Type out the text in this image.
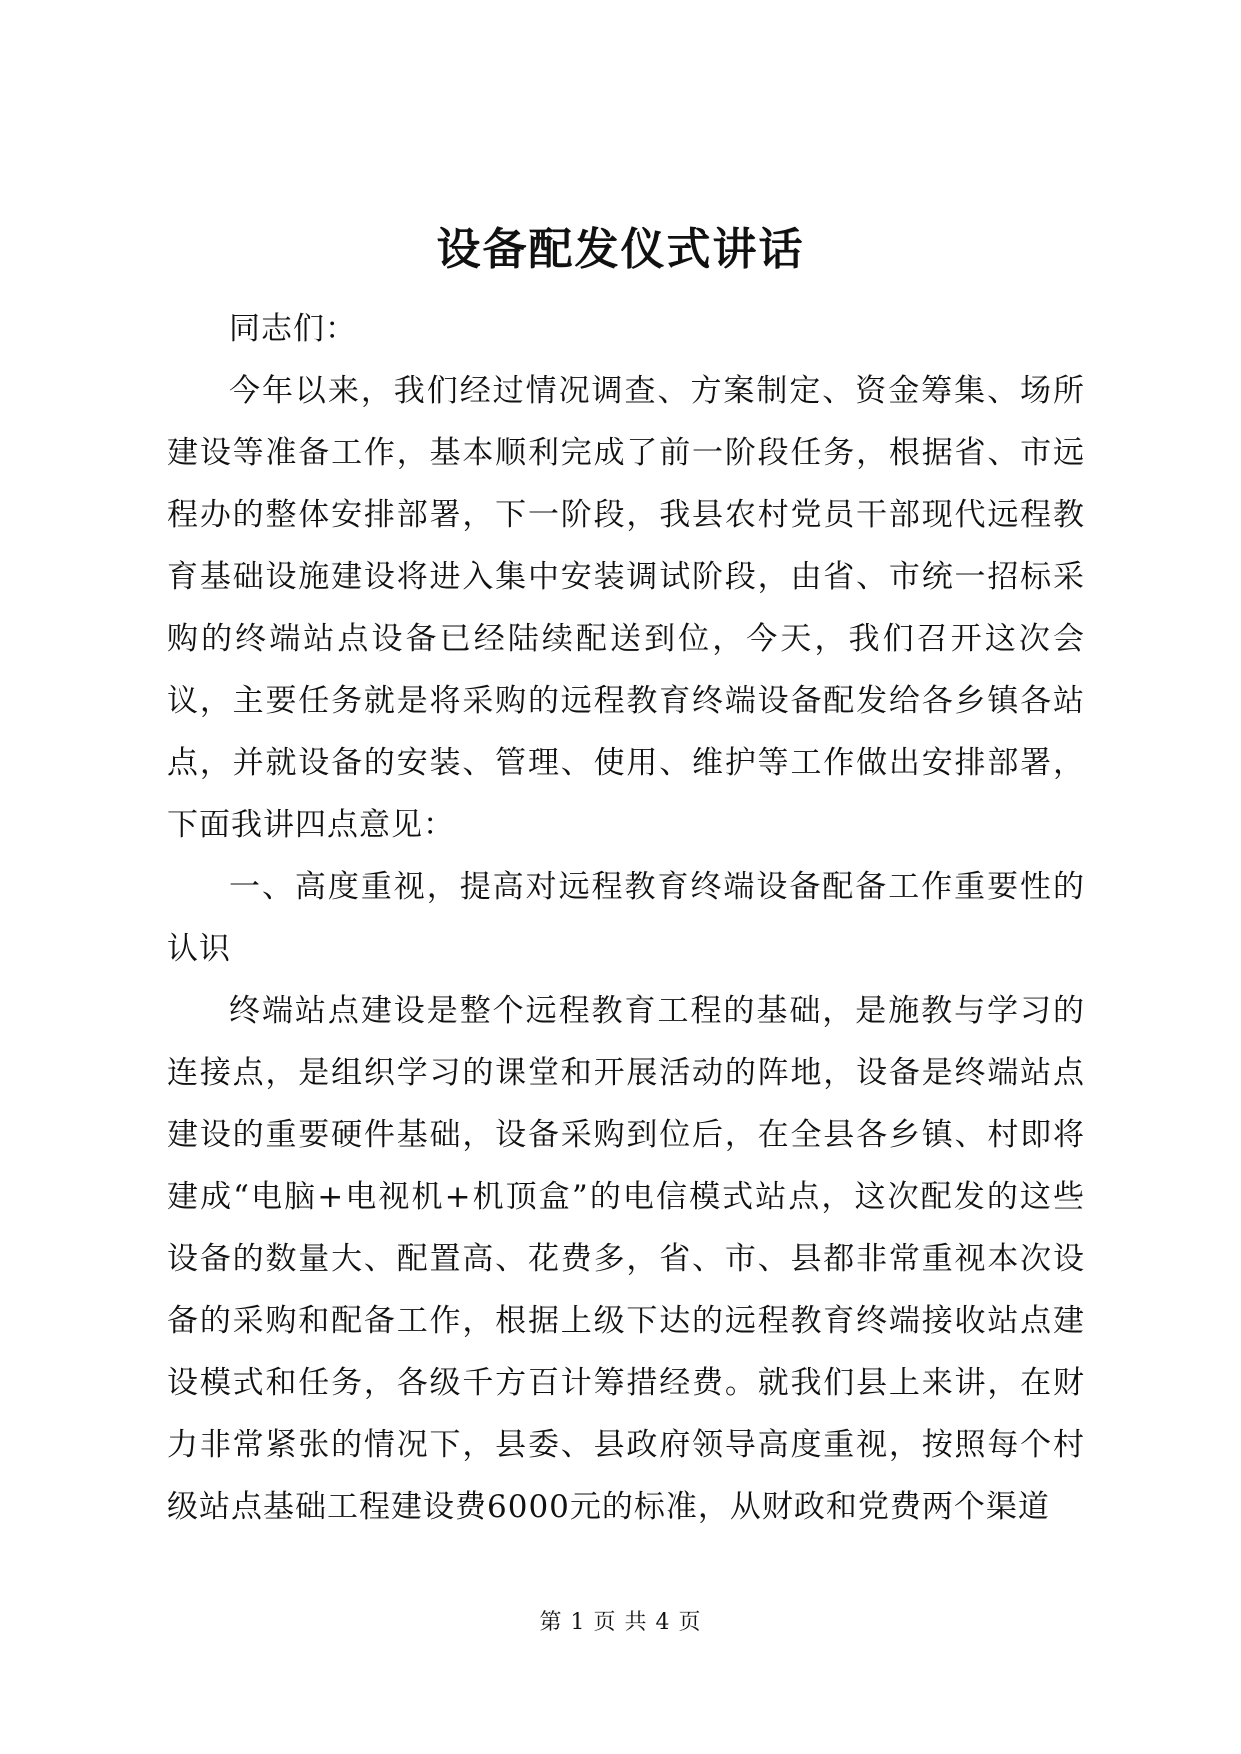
设备配发仪式讲话

同志们：

今年以来，我们经过情况调查、方案制定、资金筹集、场所建设等准备工作，基本顺利完成了前一阶段任务，根据省、市远程办的整体安排部署，下一阶段，我县农村党员干部现代远程教育基础设施建设将进入集中安装调试阶段，由省、市统一招标采购的终端站点设备已经陆续配送到位，今天，我们召开这次会议，主要任务就是将采购的远程教育终端设备配发给各乡镇各站点，并就设备的安装、管理、使用、维护等工作做出安排部署，下面我讲四点意见：

一、高度重视，提高对远程教育终端设备配备工作重要性的认识

终端站点建设是整个远程教育工程的基础，是施教与学习的连接点，是组织学习的课堂和开展活动的阵地，设备是终端站点建设的重要硬件基础，设备采购到位后，在全县各乡镇、村即将建成“电脑+电视机+机顶盒”的电信模式站点，这次配发的这些设备的数量大、配置高、花费多，省、市、县都非常重视本次设备的采购和配备工作，根据上级下达的远程教育终端接收站点建设模式和任务，各级千方百计筹措经费。就我们县上来讲，在财力非常紧张的情况下，县委、县政府领导高度重视，按照每个村级站点基础工程建设费6000元的标准，从财政和党费两个渠道

第 1 页 共 4 页
